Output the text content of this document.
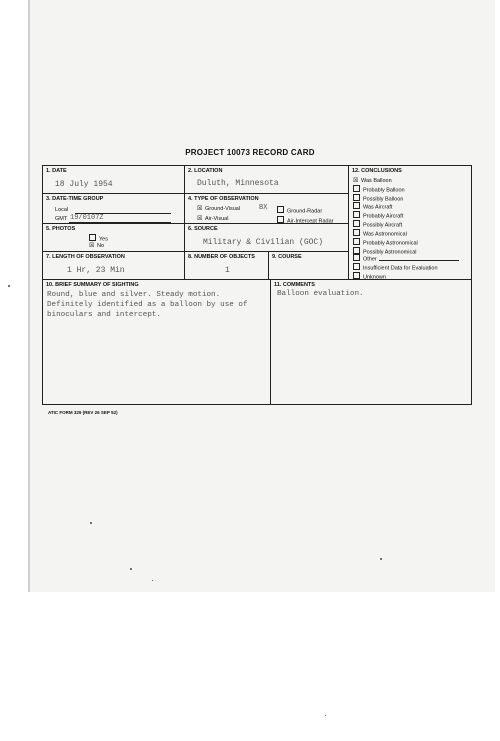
PROJECT 10073 RECORD CARD
1. DATE
18 July 1954
2. LOCATION
Duluth, Minnesota
3. DATE-TIME GROUP
Local
GMT 19/0107Z
4. TYPE OF OBSERVATION
☒ Ground-Visual	BX	Ground-Radar
☒ Air-Visual	Air-Intercept Radar
5. PHOTOS
Yes
☒ No
6. SOURCE
Military & Civilian (GOC)
7. LENGTH OF OBSERVATION
1 Hr, 23 Min
8. NUMBER OF OBJECTS
1
9. COURSE
12. CONCLUSIONS
☒ Was Balloon
Probably Balloon
Possibly Balloon
Was Aircraft
Probably Aircraft
Possibly Aircraft
Was Astronomical
Probably Astronomical
Possibly Astronomical
Other
Insufficient Data for Evaluation
Unknown
10. BRIEF SUMMARY OF SIGHTING
Round, blue and silver. Steady motion.
Definitely identified as a balloon by use of
binoculars and intercept.
11. COMMENTS
Balloon evaluation.
ATIC FORM 329 (REV 26 SEP 52)
